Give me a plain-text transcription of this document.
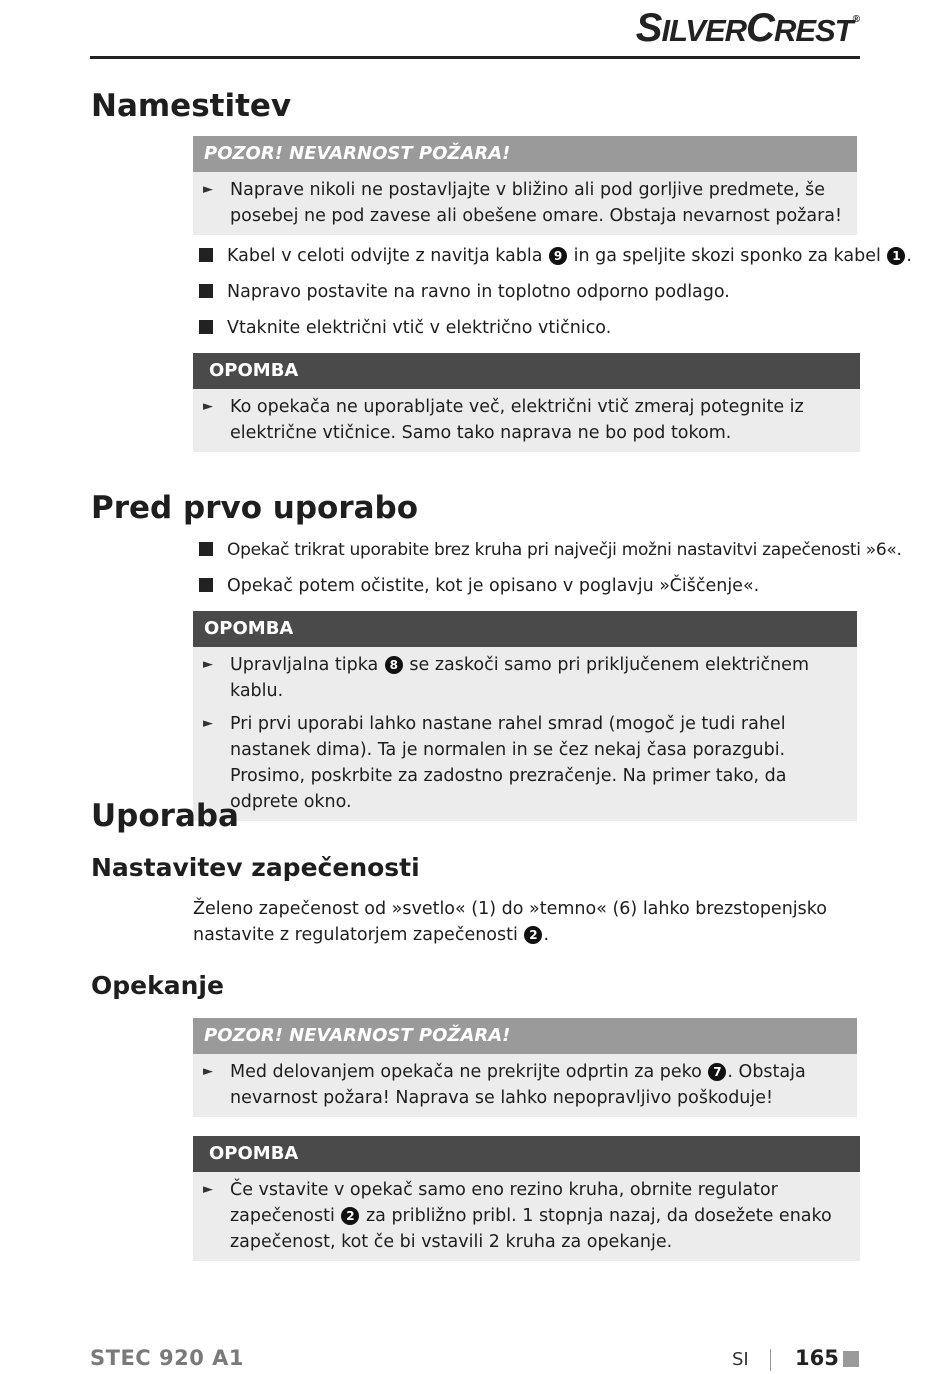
SILVERCREST®
Namestitev
POZOR! NEVARNOST POŽARA!
► Naprave nikoli ne postavljajte v bližino ali pod gorljive predmete, še posebej ne pod zavese ali obešene omare. Obstaja nevarnost požara!
Kabel v celoti odvijte z navitja kabla 9 in ga speljite skozi sponko za kabel 1 .
Napravo postavite na ravno in toplotno odporno podlago.
Vtaknite električni vtič v električno vtičnico.
OPOMBA
► Ko opekača ne uporabljate več, električni vtič zmeraj potegnite iz električne vtičnice. Samo tako naprava ne bo pod tokom.
Pred prvo uporabo
Opekač trikrat uporabite brez kruha pri največji možni nastavitvi zapečenosti »6«.
Opekač potem očistite, kot je opisano v poglavju »Čiščenje«.
OPOMBA
► Upravljalna tipka 8 se zaskoči samo pri priključenem električnem kablu.
► Pri prvi uporabi lahko nastane rahel smrad (mogoč je tudi rahel nastanek dima). Ta je normalen in se čez nekaj časa porazgubi. Prosimo, poskrbite za zadostno prezračenje. Na primer tako, da odprete okno.
Uporaba
Nastavitev zapečenosti
Želeno zapečenost od »svetlo« (1) do »temno« (6) lahko brezstopenjsko nastavite z regulatorjem zapečenosti 2 .
Opekanje
POZOR! NEVARNOST POŽARA!
► Med delovanjem opekača ne prekrijte odprtin za peko 7 . Obstaja nevarnost požara! Naprava se lahko nepopravljivo poškoduje!
OPOMBA
► Če vstavite v opekač samo eno rezino kruha, obrnite regulator zapečenosti 2 za približno pribl. 1 stopnja nazaj, da dosežete enako zapečenost, kot če bi vstavili 2 kruha za opekanje.
STEC 920 A1	SI 165
